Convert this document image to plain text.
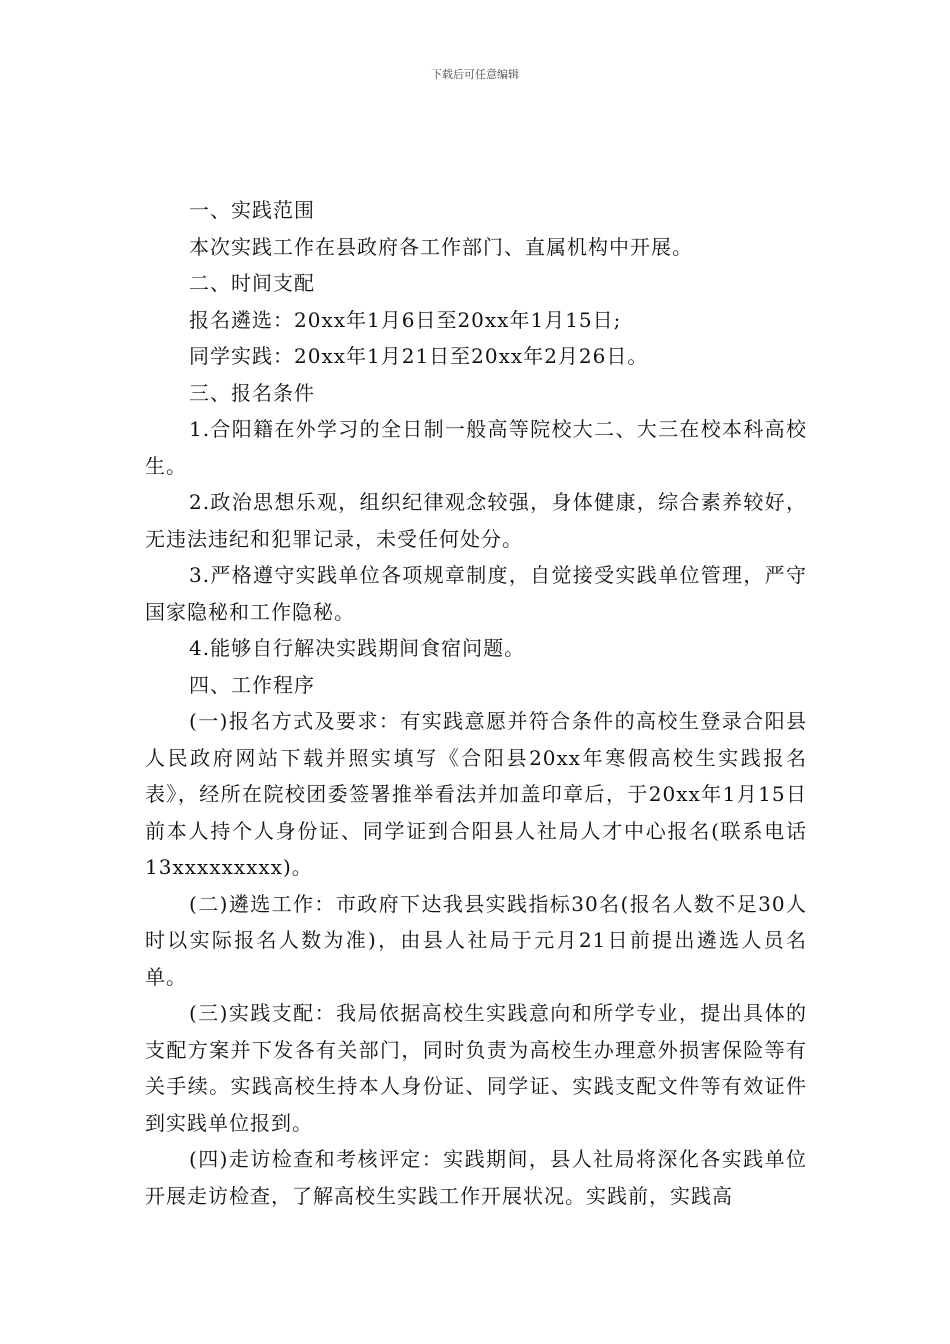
下载后可任意编辑

一、实践范围

本次实践工作在县政府各工作部门、直属机构中开展。

二、时间支配

报名遴选：20xx年1月6日至20xx年1月15日;

同学实践：20xx年1月21日至20xx年2月26日。

三、报名条件

1.合阳籍在外学习的全日制一般高等院校大二、大三在校本科高校生。

2.政治思想乐观，组织纪律观念较强，身体健康，综合素养较好，无违法违纪和犯罪记录，未受任何处分。

3.严格遵守实践单位各项规章制度，自觉接受实践单位管理，严守国家隐秘和工作隐秘。

4.能够自行解决实践期间食宿问题。

四、工作程序

(一)报名方式及要求：有实践意愿并符合条件的高校生登录合阳县人民政府网站下载并照实填写《合阳县20xx年寒假高校生实践报名表》，经所在院校团委签署推举看法并加盖印章后，于20xx年1月15日前本人持个人身份证、同学证到合阳县人社局人才中心报名(联系电话13xxxxxxxxx)。

(二)遴选工作：市政府下达我县实践指标30名(报名人数不足30人时以实际报名人数为准)，由县人社局于元月21日前提出遴选人员名单。

(三)实践支配：我局依据高校生实践意向和所学专业，提出具体的支配方案并下发各有关部门，同时负责为高校生办理意外损害保险等有关手续。实践高校生持本人身份证、同学证、实践支配文件等有效证件到实践单位报到。

(四)走访检查和考核评定：实践期间，县人社局将深化各实践单位开展走访检查，了解高校生实践工作开展状况。实践前，实践高
